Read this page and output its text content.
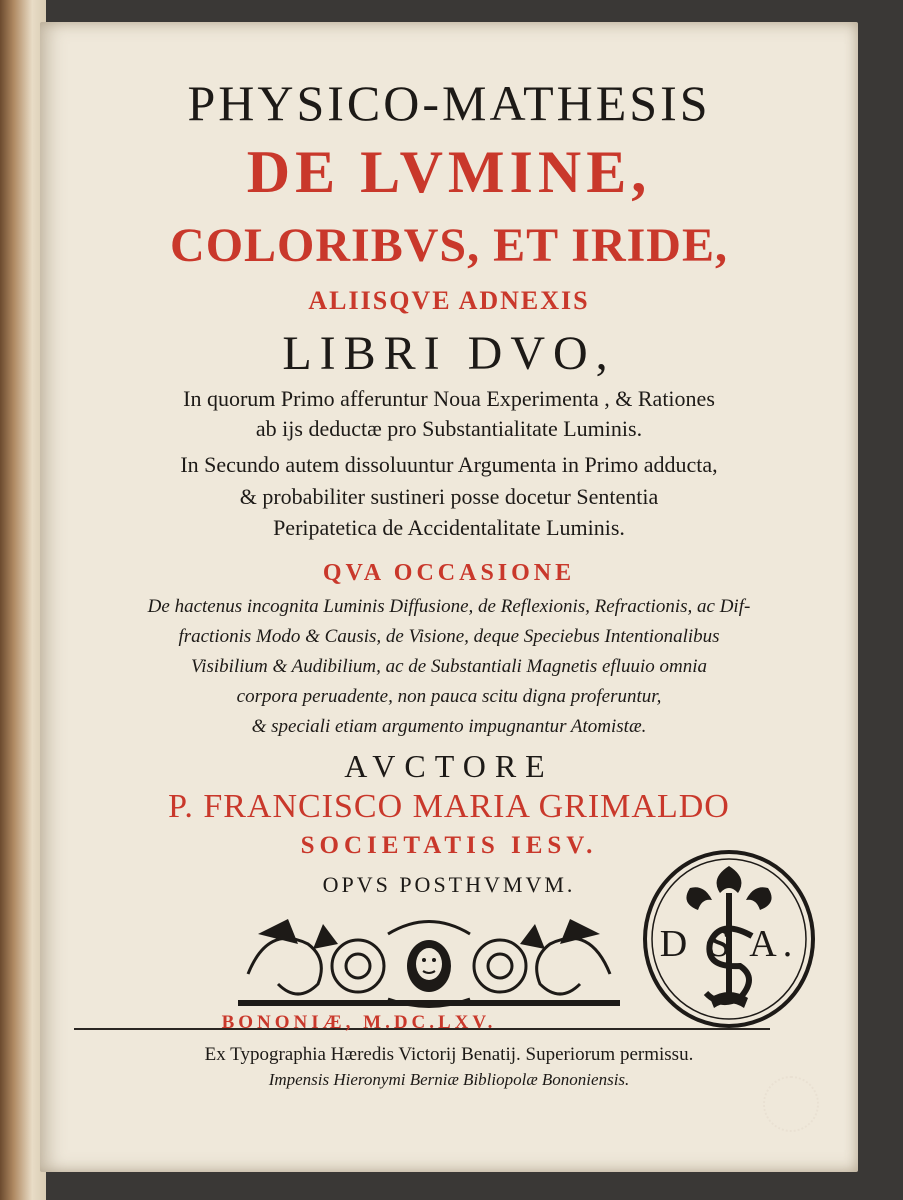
PHYSICO-MATHESIS
DE LVMINE,
COLORIBVS, ET IRIDE,
ALIISQVE ADNEXIS
LIBRI DVO,
In quorum Primo afferuntur Noua Experimenta , & Rationes
ab ijs deductæ pro Substantialitate Luminis.
In Secundo autem dissoluuntur Argumenta in Primo adducta,
& probabiliter sustineri posse docetur Sententia
Peripatetica de Accidentalitate Luminis.
QVA OCCASIONE
De hactenus incognita Luminis Diffusione, de Reflexionis, Refractionis, ac Dif-
fractionis Modo & Causis, de Visione, deque Speciebus Intentionalibus
Visibilium & Audibilium, ac de Substantiali Magnetis efluuio omnia
corpora peruadente, non pauca scitu digna proferuntur,
& speciali etiam argumento impugnantur Atomistæ.
AVCTORE
P. FRANCISCO MARIA GRIMALDO
SOCIETATIS IESV.
OPVS POSTHVMVM.
D S A.
BONONIÆ, M.DC.LXV.
Ex Typographia Hæredis Victorij Benatij. Superiorum permissu.
Impensis Hieronymi Berniæ Bibliopolæ Bononiensis.
